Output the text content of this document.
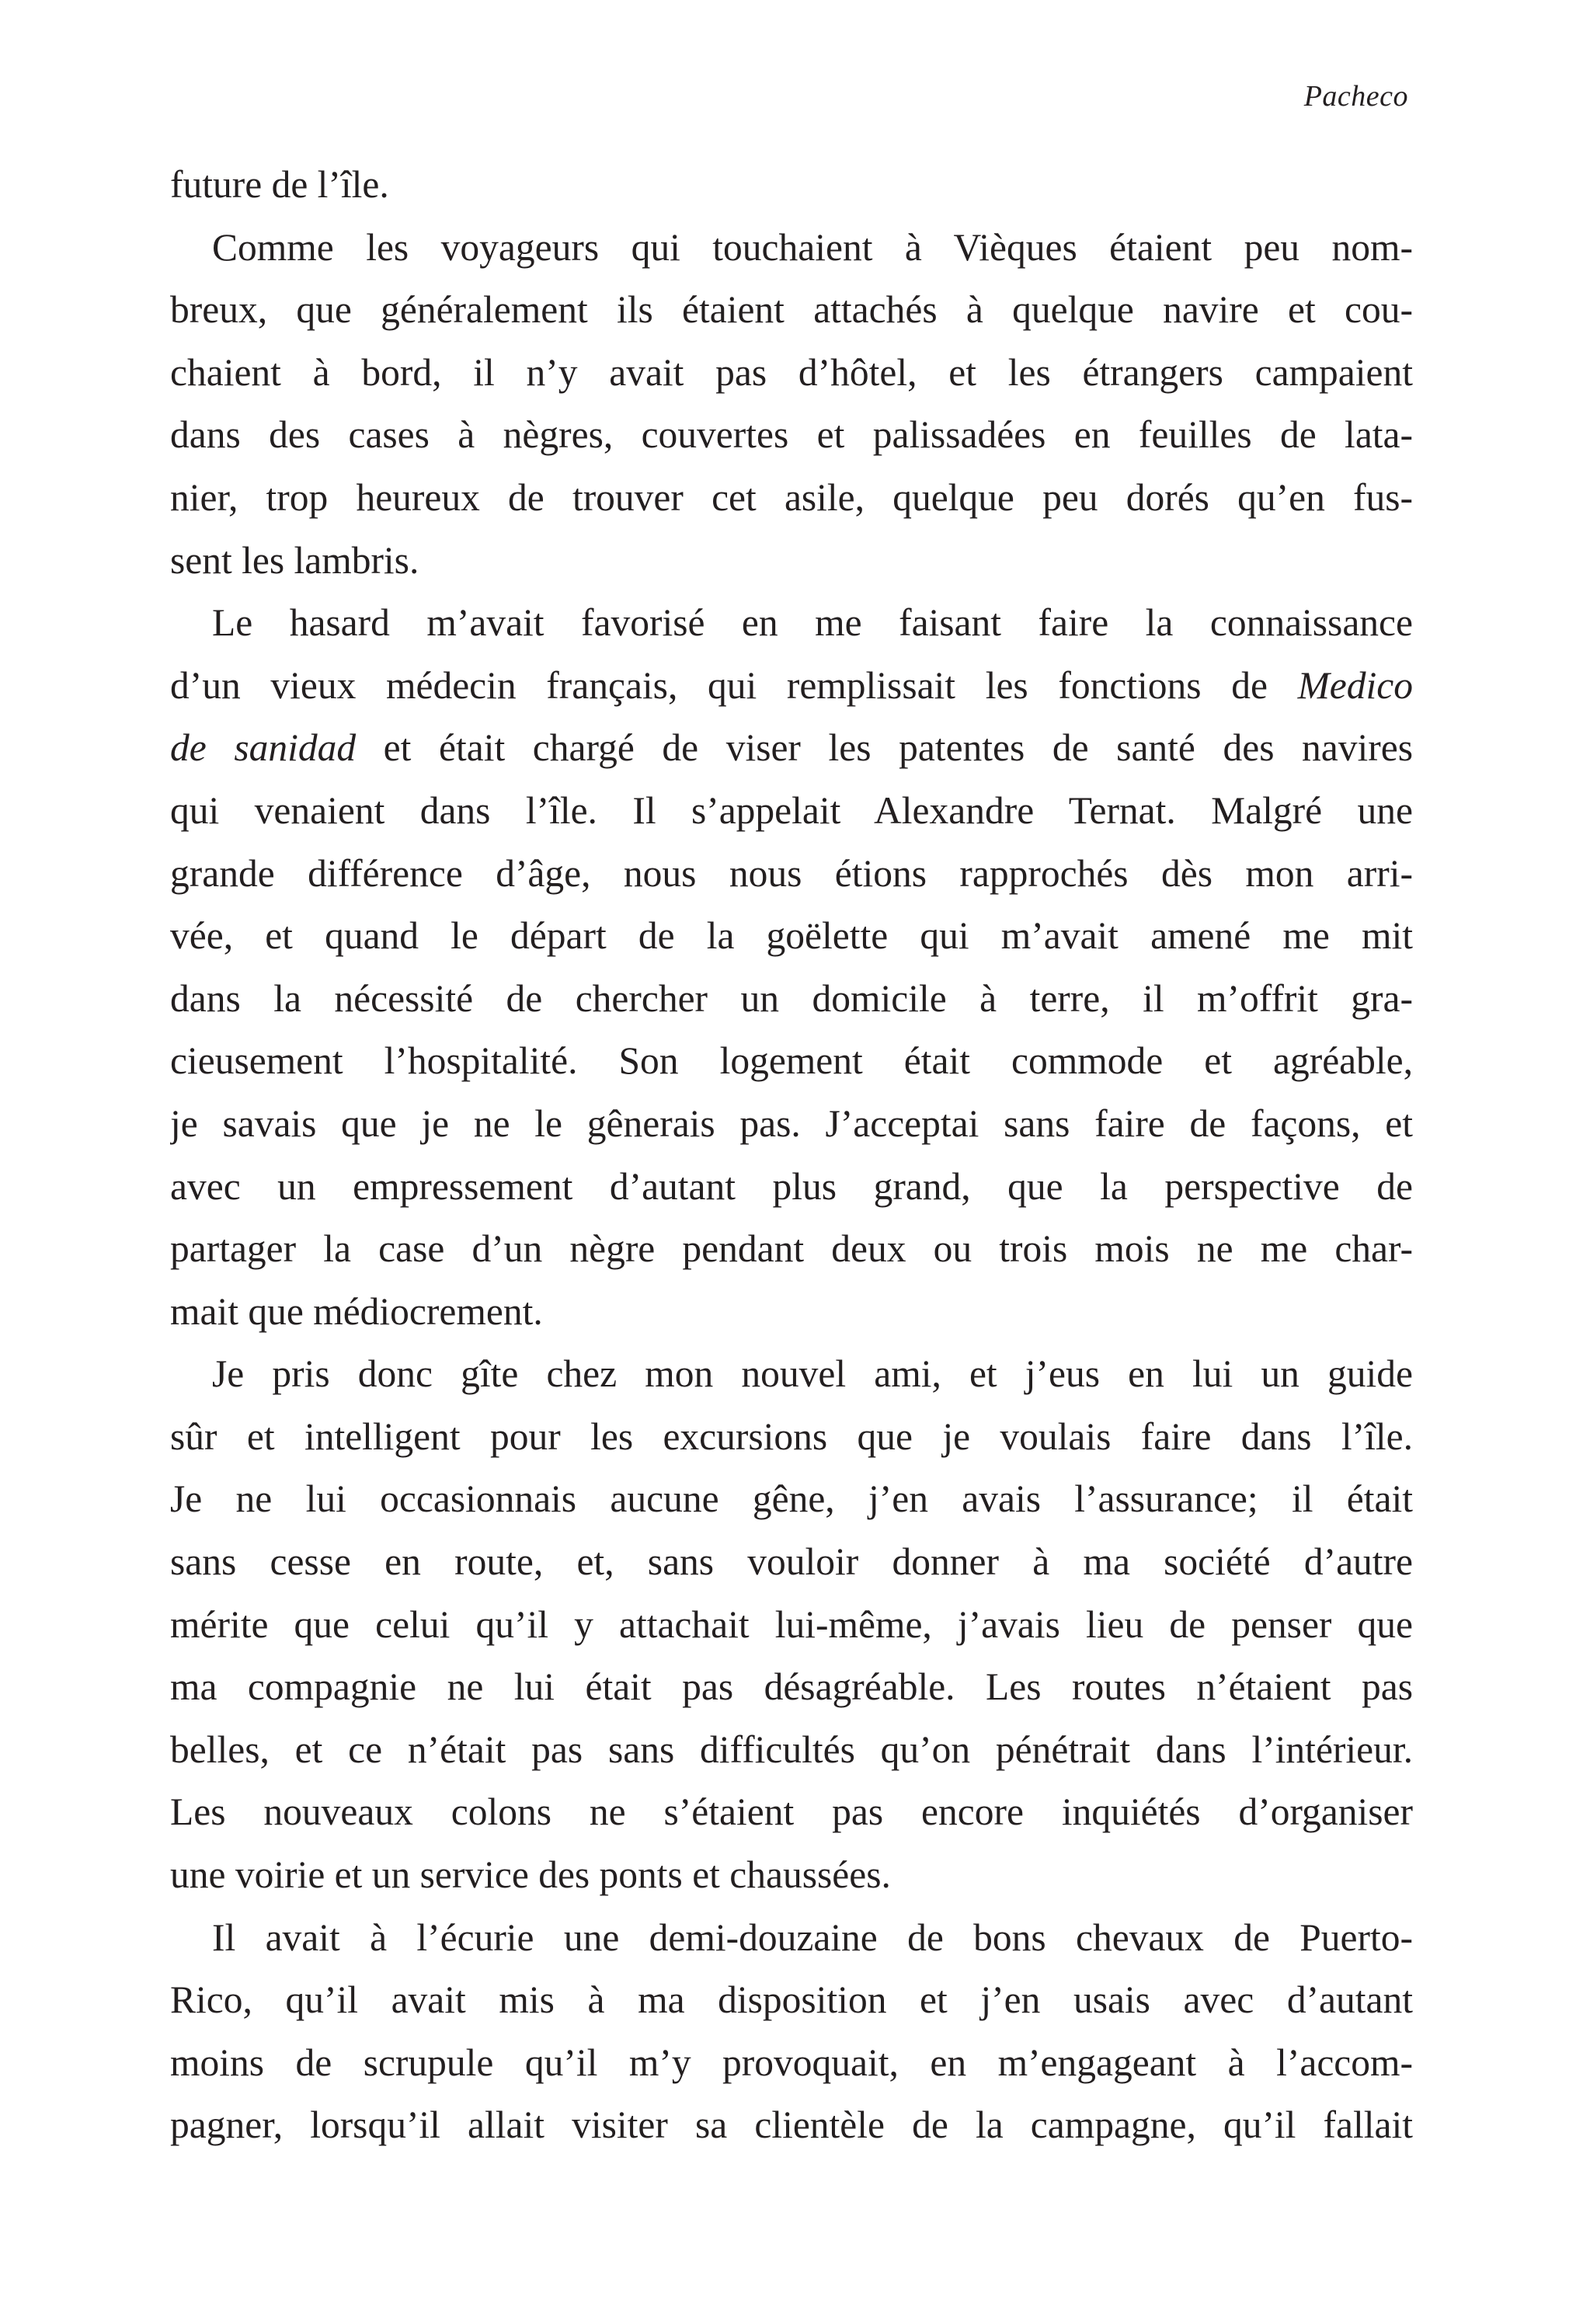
Pacheco
future de l’île.
Comme les voyageurs qui touchaient à Vièques étaient peu nom-
breux, que généralement ils étaient attachés à quelque navire et cou-
chaient à bord, il n’y avait pas d’hôtel, et les étrangers campaient
dans des cases à nègres, couvertes et palissadées en feuilles de lata-
nier, trop heureux de trouver cet asile, quelque peu dorés qu’en fus-
sent les lambris.
Le hasard m’avait favorisé en me faisant faire la connaissance
d’un vieux médecin français, qui remplissait les fonctions de Medico
de sanidad et était chargé de viser les patentes de santé des navires
qui venaient dans l’île. Il s’appelait Alexandre Ternat. Malgré une
grande différence d’âge, nous nous étions rapprochés dès mon arri-
vée, et quand le départ de la goëlette qui m’avait amené me mit
dans la nécessité de chercher un domicile à terre, il m’offrit gra-
cieusement l’hospitalité. Son logement était commode et agréable,
je savais que je ne le gênerais pas. J’acceptai sans faire de façons, et
avec un empressement d’autant plus grand, que la perspective de
partager la case d’un nègre pendant deux ou trois mois ne me char-
mait que médiocrement.
Je pris donc gîte chez mon nouvel ami, et j’eus en lui un guide
sûr et intelligent pour les excursions que je voulais faire dans l’île.
Je ne lui occasionnais aucune gêne, j’en avais l’assurance; il était
sans cesse en route, et, sans vouloir donner à ma société d’autre
mérite que celui qu’il y attachait lui-même, j’avais lieu de penser que
ma compagnie ne lui était pas désagréable. Les routes n’étaient pas
belles, et ce n’était pas sans difficultés qu’on pénétrait dans l’intérieur.
Les nouveaux colons ne s’étaient pas encore inquiétés d’organiser
une voirie et un service des ponts et chaussées.
Il avait à l’écurie une demi-douzaine de bons chevaux de Puerto-
Rico, qu’il avait mis à ma disposition et j’en usais avec d’autant
moins de scrupule qu’il m’y provoquait, en m’engageant à l’accom-
pagner, lorsqu’il allait visiter sa clientèle de la campagne, qu’il fallait
